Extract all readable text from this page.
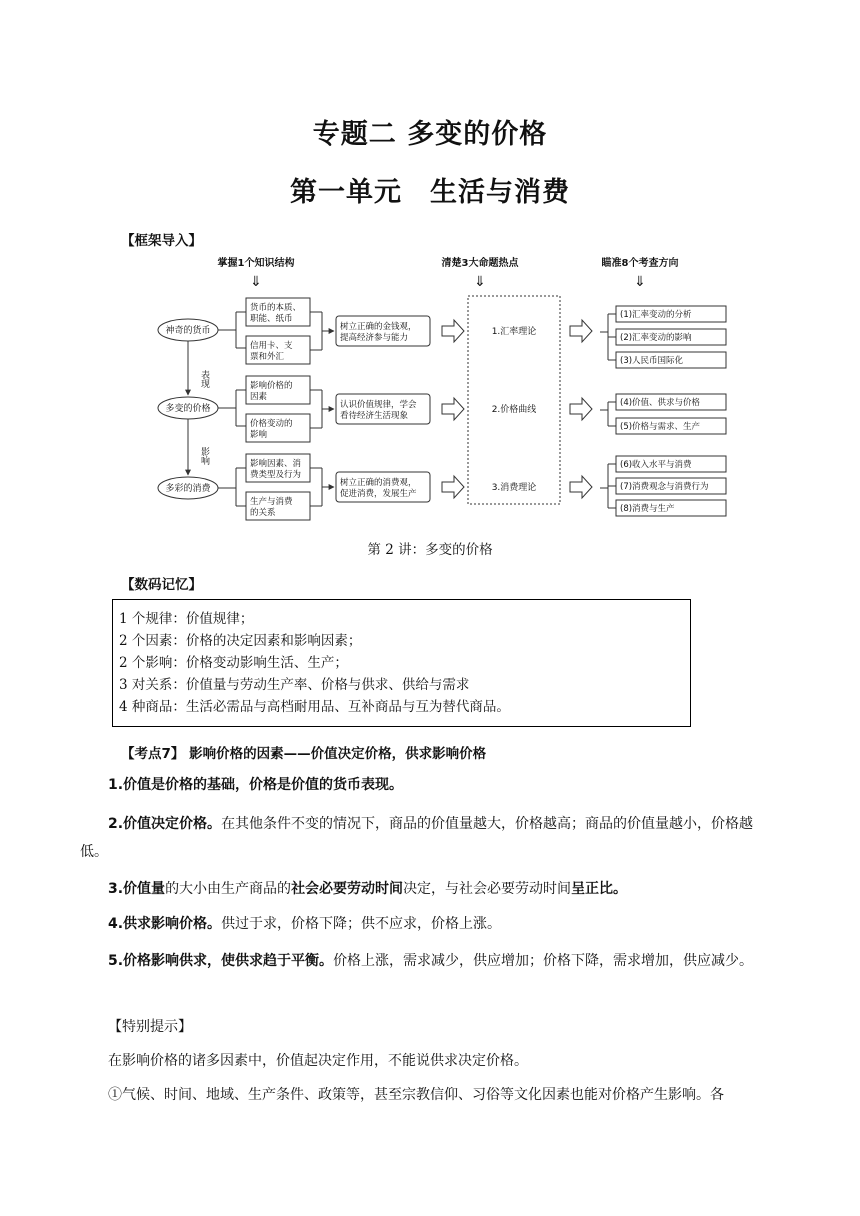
专题二 多变的价格
第一单元　生活与消费
【框架导入】
掌握1个知识结构	清楚3大命题热点	瞄准8个考查方向
⇓	⇓	⇓
神奇的货币
多变的价格
多彩的消费
表现
影响
货币的本质、职能、纸币
信用卡、支票和外汇
影响价格的因素
价格变动的影响
影响因素、消费类型及行为
生产与消费的关系
树立正确的金钱观，提高经济参与能力
认识价值规律，学会看待经济生活现象
树立正确的消费观，促进消费，发展生产
1.汇率理论
2.价格曲线
3.消费理论
(1)汇率变动的分析
(2)汇率变动的影响
(3)人民币国际化
(4)价值、供求与价格
(5)价格与需求、生产
(6)收入水平与消费
(7)消费观念与消费行为
(8)消费与生产
第 2 讲：多变的价格
【数码记忆】
1 个规律：价值规律；
2 个因素：价格的决定因素和影响因素；
2 个影响：价格变动影响生活、生产；
3 对关系：价值量与劳动生产率、价格与供求、供给与需求
4 种商品：生活必需品与高档耐用品、互补商品与互为替代商品。
【考点7】 影响价格的因素——价值决定价格，供求影响价格
1.价值是价格的基础，价格是价值的货币表现。
2.价值决定价格。在其他条件不变的情况下，商品的价值量越大，价格越高；商品的价值量越小，价格越低。
3.价值量的大小由生产商品的社会必要劳动时间决定，与社会必要劳动时间呈正比。
4.供求影响价格。供过于求，价格下降；供不应求，价格上涨。
5.价格影响供求，使供求趋于平衡。价格上涨，需求减少，供应增加；价格下降，需求增加，供应减少。
【特别提示】
在影响价格的诸多因素中，价值起决定作用，不能说供求决定价格。
①气候、时间、地域、生产条件、政策等，甚至宗教信仰、习俗等文化因素也能对价格产生影响。各
